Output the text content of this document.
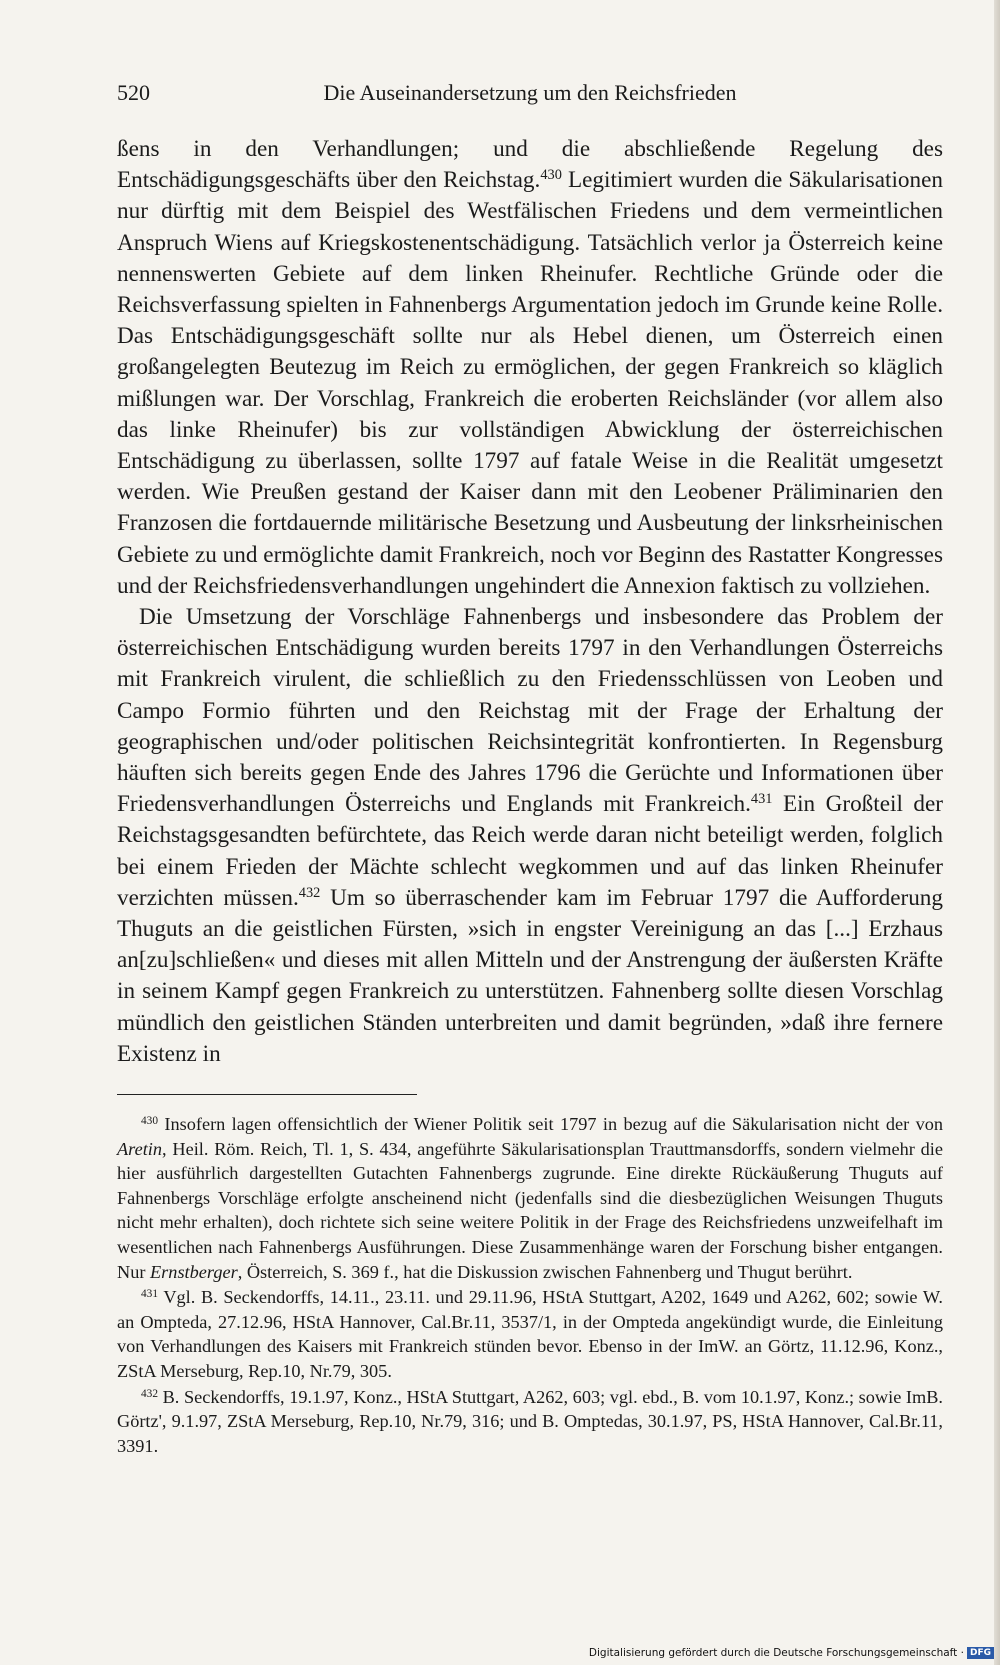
520	Die Auseinandersetzung um den Reichsfrieden

ßens in den Verhandlungen; und die abschließende Regelung des Entschädigungsgeschäfts über den Reichstag.$^{430}$ Legitimiert wurden die Säkularisationen nur dürftig mit dem Beispiel des Westfälischen Friedens und dem vermeintlichen Anspruch Wiens auf Kriegskostenentschädigung. Tatsächlich verlor ja Österreich keine nennenswerten Gebiete auf dem linken Rheinufer. Rechtliche Gründe oder die Reichsverfassung spielten in Fahnenbergs Argumentation jedoch im Grunde keine Rolle. Das Entschädigungsgeschäft sollte nur als Hebel dienen, um Österreich einen großangelegten Beutezug im Reich zu ermöglichen, der gegen Frankreich so kläglich mißlungen war. Der Vorschlag, Frankreich die eroberten Reichsländer (vor allem also das linke Rheinufer) bis zur vollständigen Abwicklung der österreichischen Entschädigung zu überlassen, sollte 1797 auf fatale Weise in die Realität umgesetzt werden. Wie Preußen gestand der Kaiser dann mit den Leobener Präliminarien den Franzosen die fortdauernde militärische Besetzung und Ausbeutung der linksrheinischen Gebiete zu und ermöglichte damit Frankreich, noch vor Beginn des Rastatter Kongresses und der Reichsfriedensverhandlungen ungehindert die Annexion faktisch zu vollziehen.

Die Umsetzung der Vorschläge Fahnenbergs und insbesondere das Problem der österreichischen Entschädigung wurden bereits 1797 in den Verhandlungen Österreichs mit Frankreich virulent, die schließlich zu den Friedensschlüssen von Leoben und Campo Formio führten und den Reichstag mit der Frage der Erhaltung der geographischen und/oder politischen Reichsintegrität konfrontierten. In Regensburg häuften sich bereits gegen Ende des Jahres 1796 die Gerüchte und Informationen über Friedensverhandlungen Österreichs und Englands mit Frankreich.$^{431}$ Ein Großteil der Reichstagsgesandten befürchtete, das Reich werde daran nicht beteiligt werden, folglich bei einem Frieden der Mächte schlecht wegkommen und auf das linken Rheinufer verzichten müssen.$^{432}$ Um so überraschender kam im Februar 1797 die Aufforderung Thuguts an die geistlichen Fürsten, »sich in engster Vereinigung an das [...] Erzhaus an[zu]schließen« und dieses mit allen Mitteln und der Anstrengung der äußersten Kräfte in seinem Kampf gegen Frankreich zu unterstützen. Fahnenberg sollte diesen Vorschlag mündlich den geistlichen Ständen unterbreiten und damit begründen, »daß ihre fernere Existenz in

$^{430}$ Insofern lagen offensichtlich der Wiener Politik seit 1797 in bezug auf die Säkularisation nicht der von Aretin, Heil. Röm. Reich, Tl. 1, S. 434, angeführte Säkularisationsplan Trauttmansdorffs, sondern vielmehr die hier ausführlich dargestellten Gutachten Fahnenbergs zugrunde. Eine direkte Rückäußerung Thuguts auf Fahnenbergs Vorschläge erfolgte anscheinend nicht (jedenfalls sind die diesbezüglichen Weisungen Thuguts nicht mehr erhalten), doch richtete sich seine weitere Politik in der Frage des Reichsfriedens unzweifelhaft im wesentlichen nach Fahnenbergs Ausführungen. Diese Zusammenhänge waren der Forschung bisher entgangen. Nur Ernstberger, Österreich, S. 369 f., hat die Diskussion zwischen Fahnenberg und Thugut berührt.

$^{431}$ Vgl. B. Seckendorffs, 14.11., 23.11. und 29.11.96, HStA Stuttgart, A202, 1649 und A262, 602; sowie W. an Ompteda, 27.12.96, HStA Hannover, Cal.Br.11, 3537/1, in der Ompteda angekündigt wurde, die Einleitung von Verhandlungen des Kaisers mit Frankreich stünden bevor. Ebenso in der ImW. an Görtz, 11.12.96, Konz., ZStA Merseburg, Rep.10, Nr.79, 305.

$^{432}$ B. Seckendorffs, 19.1.97, Konz., HStA Stuttgart, A262, 603; vgl. ebd., B. vom 10.1.97, Konz.; sowie ImB. Görtz', 9.1.97, ZStA Merseburg, Rep.10, Nr.79, 316; und B. Omptedas, 30.1.97, PS, HStA Hannover, Cal.Br.11, 3391.

Digitalisierung gefördert durch die Deutsche Forschungsgemeinschaft · DFG
